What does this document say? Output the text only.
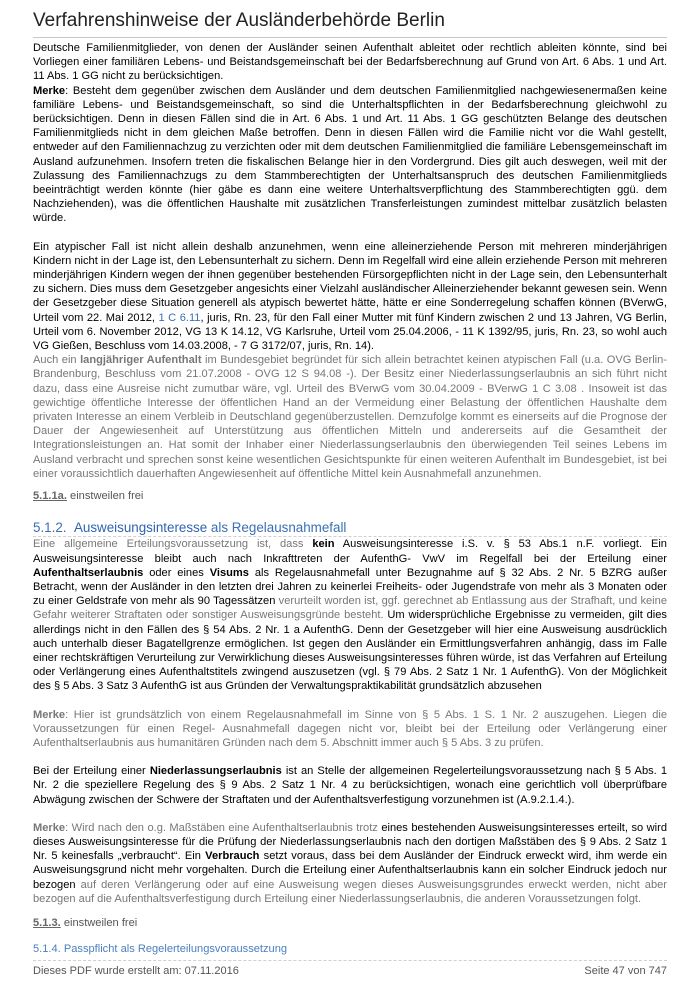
Verfahrenshinweise der Ausländerbehörde Berlin

Deutsche Familienmitglieder, von denen der Ausländer seinen Aufenthalt ableitet oder rechtlich ableiten könnte, sind bei Vorliegen einer familiären Lebens- und Beistandsgemeinschaft bei der Bedarfsberechnung auf Grund von Art. 6 Abs. 1 und Art. 11 Abs. 1 GG nicht zu berücksichtigen.

Merke: Besteht dem gegenüber zwischen dem Ausländer und dem deutschen Familienmitglied nachgewiesenermaßen keine familiäre Lebens- und Beistandsgemeinschaft, so sind die Unterhaltspflichten in der Bedarfsberechnung gleichwohl zu berücksichtigen. Denn in diesen Fällen sind die in Art. 6 Abs. 1 und Art. 11 Abs. 1 GG geschützten Belange des deutschen Familienmitglieds nicht in dem gleichen Maße betroffen. Denn in diesen Fällen wird die Familie nicht vor die Wahl gestellt, entweder auf den Familiennachzug zu verzichten oder mit dem deutschen Familienmitglied die familiäre Lebensgemeinschaft im Ausland aufzunehmen. Insofern treten die fiskalischen Belange hier in den Vordergrund. Dies gilt auch deswegen, weil mit der Zulassung des Familiennachzugs zu dem Stammberechtigten der Unterhaltsanspruch des deutschen Familienmitglieds beeinträchtigt werden könnte (hier gäbe es dann eine weitere Unterhaltsverpflichtung des Stammberechtigten ggü. dem Nachziehenden), was die öffentlichen Haushalte mit zusätzlichen Transferleistungen zumindest mittelbar zusätzlich belasten würde.

Ein atypischer Fall ist nicht allein deshalb anzunehmen, wenn eine alleinerziehende Person mit mehreren minderjährigen Kindern nicht in der Lage ist, den Lebensunterhalt zu sichern. Denn im Regelfall wird eine allein erziehende Person mit mehreren minderjährigen Kindern wegen der ihnen gegenüber bestehenden Fürsorgepflichten nicht in der Lage sein, den Lebensunterhalt zu sichern. Dies muss dem Gesetzgeber angesichts einer Vielzahl ausländischer Alleinerziehender bekannt gewesen sein. Wenn der Gesetzgeber diese Situation generell als atypisch bewertet hätte, hätte er eine Sonderregelung schaffen können (BVerwG, Urteil vom 22. Mai 2012, 1 C 6.11, juris, Rn. 23, für den Fall einer Mutter mit fünf Kindern zwischen 2 und 13 Jahren, VG Berlin, Urteil vom 6. November 2012, VG 13 K 14.12, VG Karlsruhe, Urteil vom 25.04.2006, - 11 K 1392/95, juris, Rn. 23, so wohl auch VG Gießen, Beschluss vom 14.03.2008, - 7 G 3172/07, juris, Rn. 14).

Auch ein langjähriger Aufenthalt im Bundesgebiet begründet für sich allein betrachtet keinen atypischen Fall (u.a. OVG Berlin-Brandenburg, Beschluss vom 21.07.2008 - OVG 12 S 94.08 -). Der Besitz einer Niederlassungserlaubnis an sich führt nicht dazu, dass eine Ausreise nicht zumutbar wäre, vgl. Urteil des BVerwG vom 30.04.2009 - BVerwG 1 C 3.08 . Insoweit ist das gewichtige öffentliche Interesse der öffentlichen Hand an der Vermeidung einer Belastung der öffentlichen Haushalte dem privaten Interesse an einem Verbleib in Deutschland gegenüberzustellen. Demzufolge kommt es einerseits auf die Prognose der Dauer der Angewiesenheit auf Unterstützung aus öffentlichen Mitteln und andererseits auf die Gesamtheit der Integrationsleistungen an. Hat somit der Inhaber einer Niederlassungserlaubnis den überwiegenden Teil seines Lebens im Ausland verbracht und sprechen sonst keine wesentlichen Gesichtspunkte für einen weiteren Aufenthalt im Bundesgebiet, ist bei einer voraussichtlich dauerhaften Angewiesenheit auf öffentliche Mittel kein Ausnahmefall anzunehmen.

5.1.1a. einstweilen frei

5.1.2. Ausweisungsinteresse als Regelausnahmefall

Eine allgemeine Erteilungsvoraussetzung ist, dass kein Ausweisungsinteresse i.S. v. § 53 Abs.1 n.F. vorliegt. Ein Ausweisungsinteresse bleibt auch nach Inkrafttreten der AufenthG- VwV im Regelfall bei der Erteilung einer Aufenthaltserlaubnis oder eines Visums als Regelausnahmefall unter Bezugnahme auf § 32 Abs. 2 Nr. 5 BZRG außer Betracht, wenn der Ausländer in den letzten drei Jahren zu keinerlei Freiheits- oder Jugendstrafe von mehr als 3 Monaten oder zu einer Geldstrafe von mehr als 90 Tagessätzen verurteilt worden ist, ggf. gerechnet ab Entlassung aus der Strafhaft, und keine Gefahr weiterer Straftaten oder sonstiger Ausweisungsgründe besteht. Um widersprüchliche Ergebnisse zu vermeiden, gilt dies allerdings nicht in den Fällen des § 54 Abs. 2 Nr. 1 a AufenthG. Denn der Gesetzgeber will hier eine Ausweisung ausdrücklich auch unterhalb dieser Bagatellgrenze ermöglichen. Ist gegen den Ausländer ein Ermittlungsverfahren anhängig, dass im Falle einer rechtskräftigen Verurteilung zur Verwirklichung dieses Ausweisungsinteresses führen würde, ist das Verfahren auf Erteilung oder Verlängerung eines Aufenthaltstitels zwingend auszusetzen (vgl. § 79 Abs. 2 Satz 1 Nr. 1 AufenthG). Von der Möglichkeit des § 5 Abs. 3 Satz 3 AufenthG ist aus Gründen der Verwaltungspraktikabilität grundsätzlich abzusehen

Merke: Hier ist grundsätzlich von einem Regelausnahmefall im Sinne von § 5 Abs. 1 S. 1 Nr. 2 auszugehen. Liegen die Voraussetzungen für einen Regel- Ausnahmefall dagegen nicht vor, bleibt bei der Erteilung oder Verlängerung einer Aufenthaltserlaubnis aus humanitären Gründen nach dem 5. Abschnitt immer auch § 5 Abs. 3 zu prüfen.

Bei der Erteilung einer Niederlassungserlaubnis ist an Stelle der allgemeinen Regelerteilungsvoraussetzung nach § 5 Abs. 1 Nr. 2 die speziellere Regelung des § 9 Abs. 2 Satz 1 Nr. 4 zu berücksichtigen, wonach eine gerichtlich voll überprüfbare Abwägung zwischen der Schwere der Straftaten und der Aufenthaltsverfestigung vorzunehmen ist (A.9.2.1.4.).

Merke: Wird nach den o.g. Maßstäben eine Aufenthaltserlaubnis trotz eines bestehenden Ausweisungsinteresses erteilt, so wird dieses Ausweisungsinteresse für die Prüfung der Niederlassungserlaubnis nach den dortigen Maßstäben des § 9 Abs. 2 Satz 1 Nr. 5 keinesfalls „verbraucht“. Ein Verbrauch setzt voraus, dass bei dem Ausländer der Eindruck erweckt wird, ihm werde ein Ausweisungsgrund nicht mehr vorgehalten. Durch die Erteilung einer Aufenthaltserlaubnis kann ein solcher Eindruck jedoch nur bezogen auf deren Verlängerung oder auf eine Ausweisung wegen dieses Ausweisungsgrundes erweckt werden, nicht aber bezogen auf die Aufenthaltsverfestigung durch Erteilung einer Niederlassungserlaubnis, die anderen Voraussetzungen folgt.

5.1.3. einstweilen frei

5.1.4. Passpflicht als Regelerteilungsvoraussetzung

Dieses PDF wurde erstellt am: 07.11.2016	Seite 47 von 747
